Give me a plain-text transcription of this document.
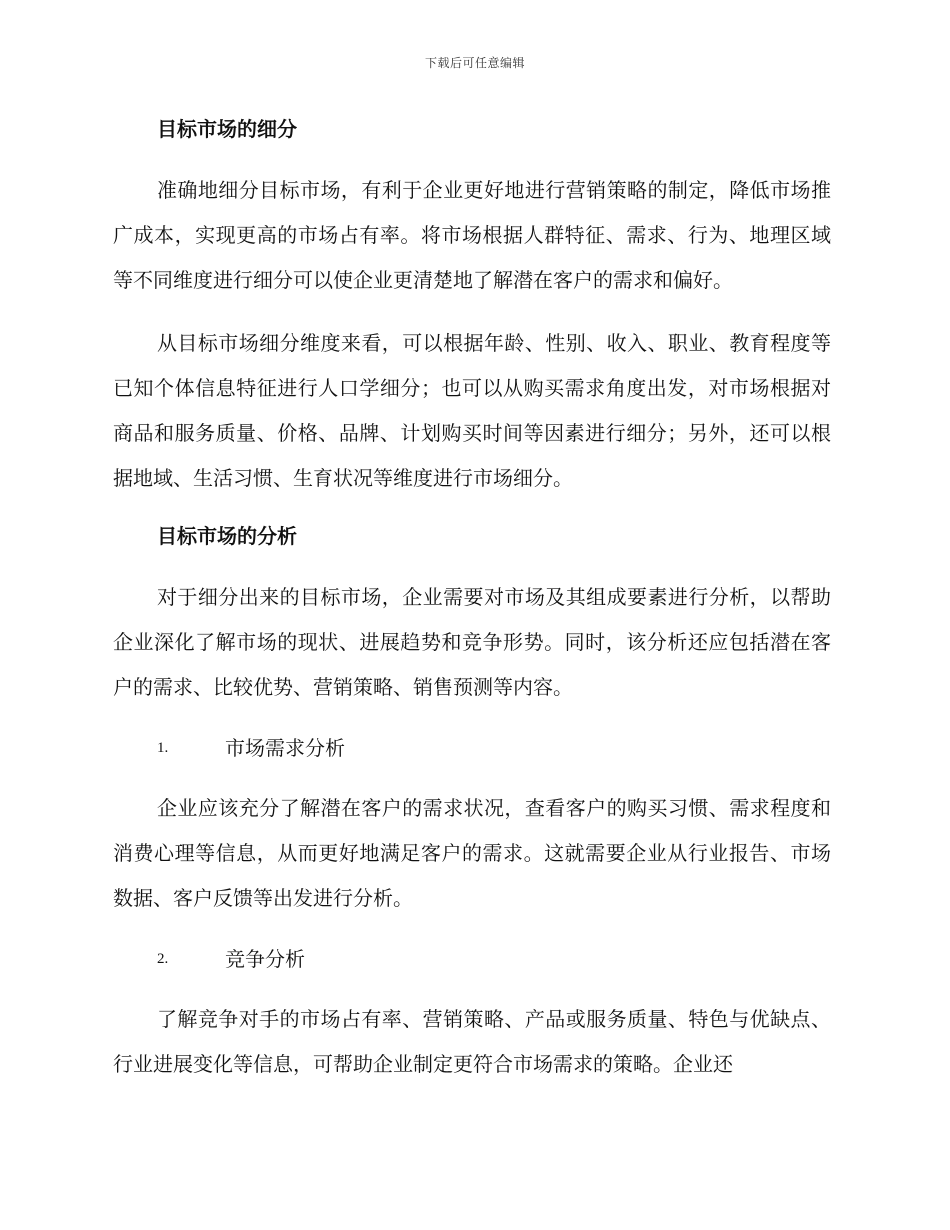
下载后可任意编辑
目标市场的细分

准确地细分目标市场，有利于企业更好地进行营销策略的制定，降低市场推广成本，实现更高的市场占有率。将市场根据人群特征、需求、行为、地理区域等不同维度进行细分可以使企业更清楚地了解潜在客户的需求和偏好。

从目标市场细分维度来看，可以根据年龄、性别、收入、职业、教育程度等已知个体信息特征进行人口学细分；也可以从购买需求角度出发，对市场根据对商品和服务质量、价格、品牌、计划购买时间等因素进行细分；另外，还可以根据地域、生活习惯、生育状况等维度进行市场细分。

目标市场的分析

对于细分出来的目标市场，企业需要对市场及其组成要素进行分析，以帮助企业深化了解市场的现状、进展趋势和竞争形势。同时，该分析还应包括潜在客户的需求、比较优势、营销策略、销售预测等内容。

1.	市场需求分析

企业应该充分了解潜在客户的需求状况，查看客户的购买习惯、需求程度和消费心理等信息，从而更好地满足客户的需求。这就需要企业从行业报告、市场数据、客户反馈等出发进行分析。

2.	竞争分析

了解竞争对手的市场占有率、营销策略、产品或服务质量、特色与优缺点、行业进展变化等信息，可帮助企业制定更符合市场需求的策略。企业还
